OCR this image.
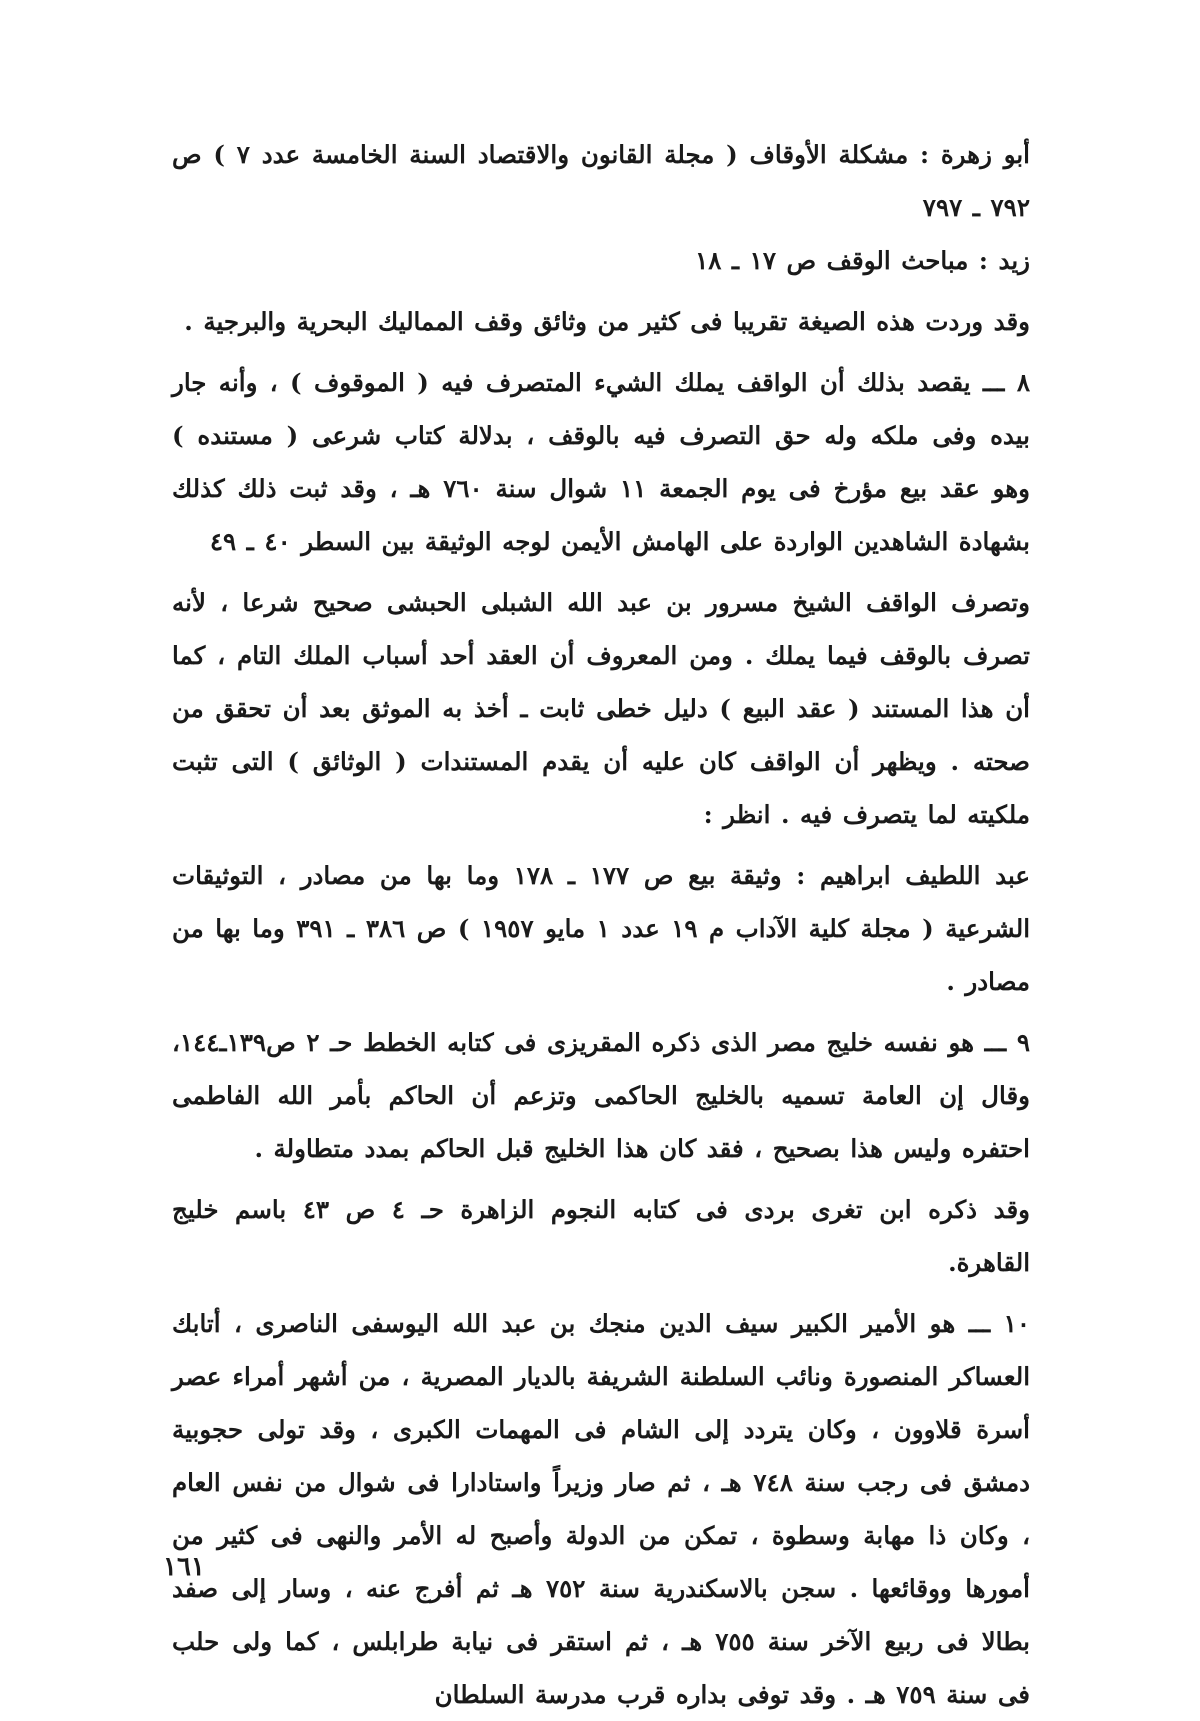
أبو زهرة : مشكلة الأوقاف ( مجلة القانون والاقتصاد السنة الخامسة عدد ٧ ) ص ٧٩٢ ـ ٧٩٧

زيد : مباحث الوقف ص ١٧ ـ ١٨

وقد وردت هذه الصيغة تقريبا فى كثير من وثائق وقف المماليك البحرية والبرجية .

٨ ـــ يقصد بذلك أن الواقف يملك الشيء المتصرف فيه ( الموقوف ) ، وأنه جار بيده وفى ملكه وله حق التصرف فيه بالوقف ، بدلالة كتاب شرعى ( مستنده ) وهو عقد بيع مؤرخ فى يوم الجمعة ١١ شوال سنة ٧٦٠ هـ ، وقد ثبت ذلك كذلك بشهادة الشاهدين الواردة على الهامش الأيمن لوجه الوثيقة بين السطر ٤٠ ـ ٤٩

وتصرف الواقف الشيخ مسرور بن عبد الله الشبلى الحبشى صحيح شرعا ، لأنه تصرف بالوقف فيما يملك . ومن المعروف أن العقد أحد أسباب الملك التام ، كما أن هذا المستند ( عقد البيع ) دليل خطى ثابت ـ أخذ به الموثق بعد أن تحقق من صحته . ويظهر أن الواقف كان عليه أن يقدم المستندات ( الوثائق ) التى تثبت ملكيته لما يتصرف فيه . انظر :

عبد اللطيف ابراهيم : وثيقة بيع ص ١٧٧ ـ ١٧٨ وما بها من مصادر ، التوثيقات الشرعية ( مجلة كلية الآداب م ١٩ عدد ١ مايو ١٩٥٧ ) ص ٣٨٦ ـ ٣٩١ وما بها من مصادر .

٩ ـــ هو نفسه خليج مصر الذى ذكره المقريزى فى كتابه الخطط حـ ٢ ص١٣٩ـ١٤٤، وقال إن العامة تسميه بالخليج الحاكمى وتزعم أن الحاكم بأمر الله الفاطمى احتفره وليس هذا بصحيح ، فقد كان هذا الخليج قبل الحاكم بمدد متطاولة .

وقد ذكره ابن تغرى بردى فى كتابه النجوم الزاهرة حـ ٤ ص ٤٣ باسم خليج القاهرة.

١٠ ـــ هو الأمير الكبير سيف الدين منجك بن عبد الله اليوسفى الناصرى ، أتابك العساكر المنصورة ونائب السلطنة الشريفة بالديار المصرية ، من أشهر أمراء عصر أسرة قلاوون ، وكان يتردد إلى الشام فى المهمات الكبرى ، وقد تولى حجوبية دمشق فى رجب سنة ٧٤٨ هـ ، ثم صار وزيراً واستادارا فى شوال من نفس العام ، وكان ذا مهابة وسطوة ، تمكن من الدولة وأصبح له الأمر والنهى فى كثير من أمورها ووقائعها . سجن بالاسكندرية سنة ٧٥٢ هـ ثم أفرج عنه ، وسار إلى صفد بطالا فى ربيع الآخر سنة ٧٥٥ هـ ، ثم استقر فى نيابة طرابلس ، كما ولى حلب فى سنة ٧٥٩ هـ . وقد توفى بداره قرب مدرسة السلطان

١٦١
